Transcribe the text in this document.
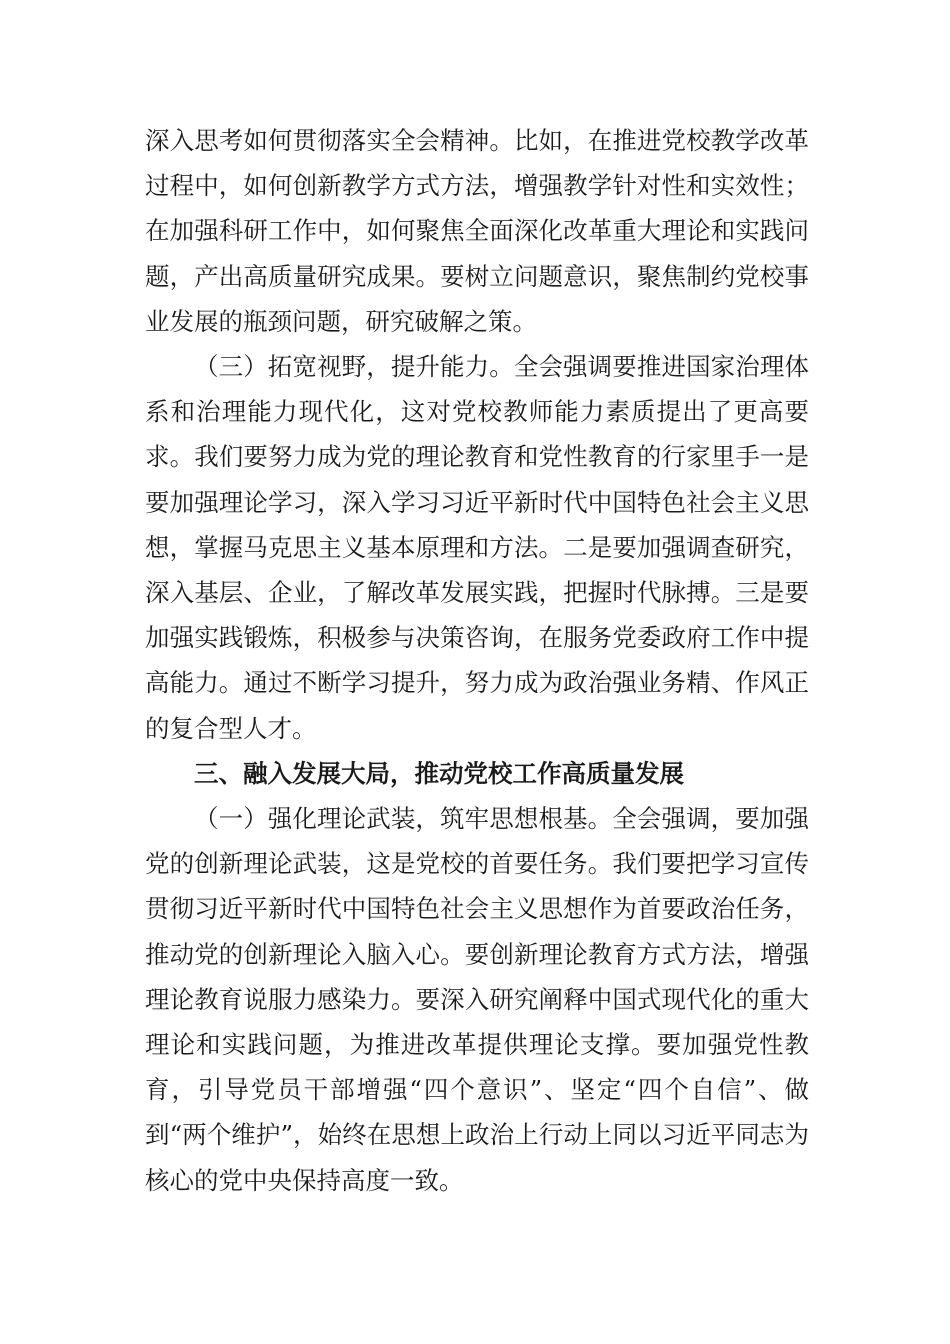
深入思考如何贯彻落实全会精神。比如，在推进党校教学改革过程中，如何创新教学方式方法，增强教学针对性和实效性；在加强科研工作中，如何聚焦全面深化改革重大理论和实践问题，产出高质量研究成果。要树立问题意识，聚焦制约党校事业发展的瓶颈问题，研究破解之策。

（三）拓宽视野，提升能力。全会强调要推进国家治理体系和治理能力现代化，这对党校教师能力素质提出了更高要求。我们要努力成为党的理论教育和党性教育的行家里手一是要加强理论学习，深入学习习近平新时代中国特色社会主义思想，掌握马克思主义基本原理和方法。二是要加强调查研究，深入基层、企业，了解改革发展实践，把握时代脉搏。三是要加强实践锻炼，积极参与决策咨询，在服务党委政府工作中提高能力。通过不断学习提升，努力成为政治强业务精、作风正的复合型人才。

三、融入发展大局，推动党校工作高质量发展

（一）强化理论武装，筑牢思想根基。全会强调，要加强党的创新理论武装，这是党校的首要任务。我们要把学习宣传贯彻习近平新时代中国特色社会主义思想作为首要政治任务，推动党的创新理论入脑入心。要创新理论教育方式方法，增强理论教育说服力感染力。要深入研究阐释中国式现代化的重大理论和实践问题，为推进改革提供理论支撑。要加强党性教育，引导党员干部增强“四个意识”、坚定“四个自信”、做到“两个维护”，始终在思想上政治上行动上同以习近平同志为核心的党中央保持高度一致。
